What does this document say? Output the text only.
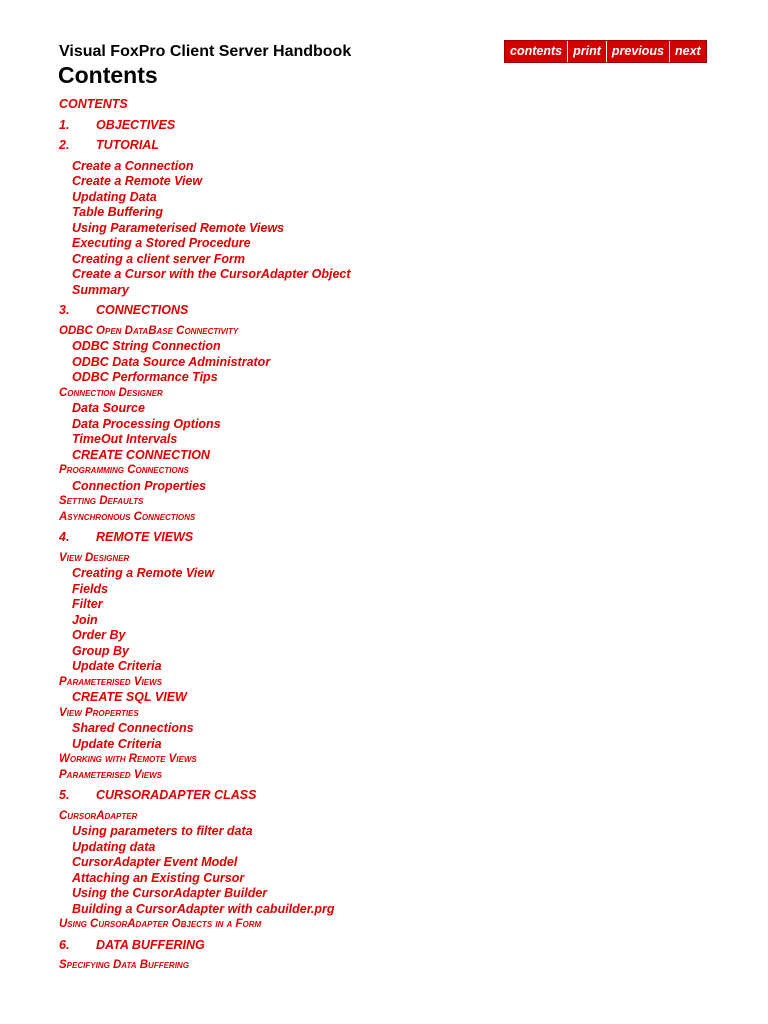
Visual FoxPro Client Server Handbook	contents print previous next
Contents
CONTENTS
1. OBJECTIVES
2. TUTORIAL
Create a Connection
Create a Remote View
Updating Data
Table Buffering
Using Parameterised Remote Views
Executing a Stored Procedure
Creating a client server Form
Create a Cursor with the CursorAdapter Object
Summary
3. CONNECTIONS
ODBC Open DataBase Connectivity
ODBC String Connection
ODBC Data Source Administrator
ODBC Performance Tips
Connection Designer
Data Source
Data Processing Options
TimeOut Intervals
CREATE CONNECTION
Programming Connections
Connection Properties
Setting Defaults
Asynchronous Connections
4. REMOTE VIEWS
View Designer
Creating a Remote View
Fields
Filter
Join
Order By
Group By
Update Criteria
Parameterised Views
CREATE SQL VIEW
View Properties
Shared Connections
Update Criteria
Working with Remote Views
Parameterised Views
5. CURSORADAPTER CLASS
CursorAdapter
Using parameters to filter data
Updating data
CursorAdapter Event Model
Attaching an Existing Cursor
Using the CursorAdapter Builder
Building a CursorAdapter with cabuilder.prg
Using CursorAdapter Objects in a Form
6. DATA BUFFERING
Specifying Data Buffering
